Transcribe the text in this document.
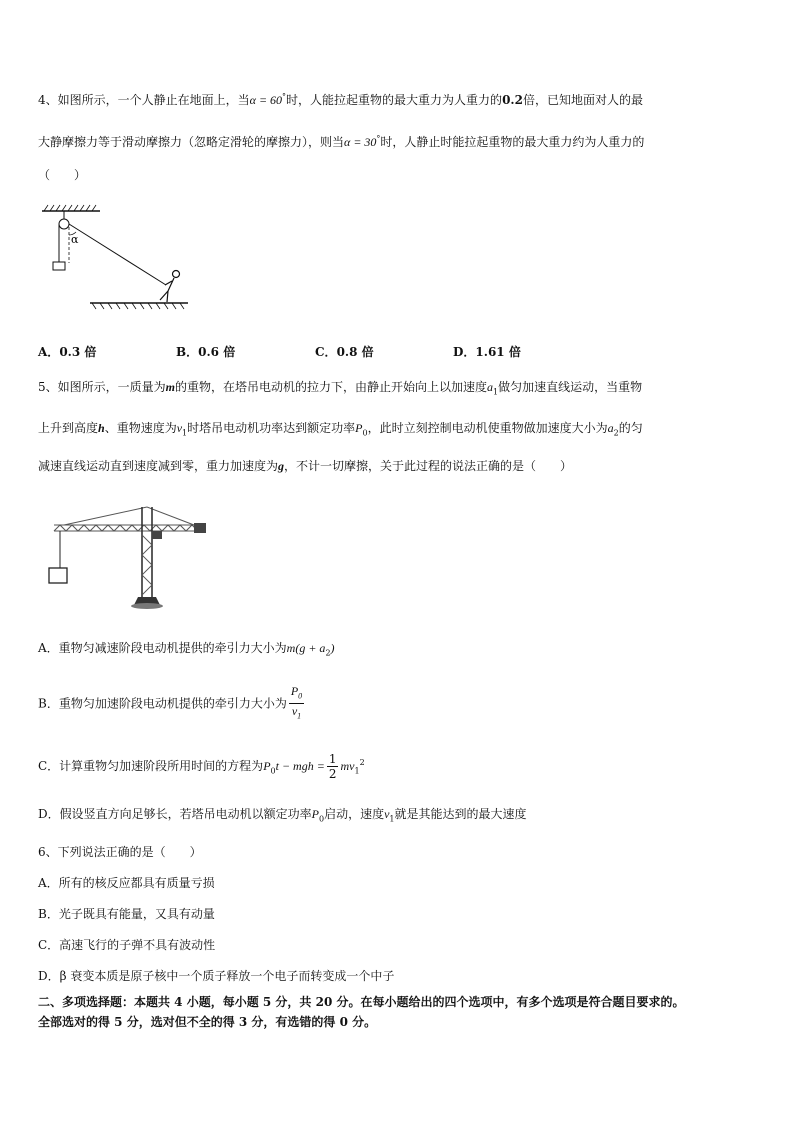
4、如图所示，一个人静止在地面上，当α = 60°时，人能拉起重物的最大重力为人重力的0.2倍，已知地面对人的最
大静摩擦力等于滑动摩擦力（忽略定滑轮的摩擦力），则当α = 30°时，人静止时能拉起重物的最大重力约为人重力的
（　　）
α
A．0.3 倍	B．0.6 倍	C．0.8 倍	D．1.61 倍
5、如图所示，一质量为m的重物，在塔吊电动机的拉力下，由静止开始向上以加速度$a_1$做匀加速直线运动，当重物
上升到高度h、重物速度为$v_1$时塔吊电动机功率达到额定功率$P_0$，此时立刻控制电动机使重物做加速度大小为$a_2$的匀
减速直线运动直到速度减到零，重力加速度为g，不计一切摩擦，关于此过程的说法正确的是（　　）
A．重物匀减速阶段电动机提供的牵引力大小为$m(g + a_2)$
B．重物匀加速阶段电动机提供的牵引力大小为 $\frac{P_0}{v_1}$
C．计算重物匀加速阶段所用时间的方程为$P_0t$ − mgh = $\frac{1}{2} mv_1^2$
D．假设竖直方向足够长，若塔吊电动机以额定功率$P_0$启动，速度$v_1$就是其能达到的最大速度
6、下列说法正确的是（　　）
A．所有的核反应都具有质量亏损
B．光子既具有能量，又具有动量
C．高速飞行的子弹不具有波动性
D．β 衰变本质是原子核中一个质子释放一个电子而转变成一个中子
二、多项选择题：本题共 4 小题，每小题 5 分，共 20 分。在每小题给出的四个选项中，有多个选项是符合题目要求的。
全部选对的得 5 分，选对但不全的得 3 分，有选错的得 0 分。
